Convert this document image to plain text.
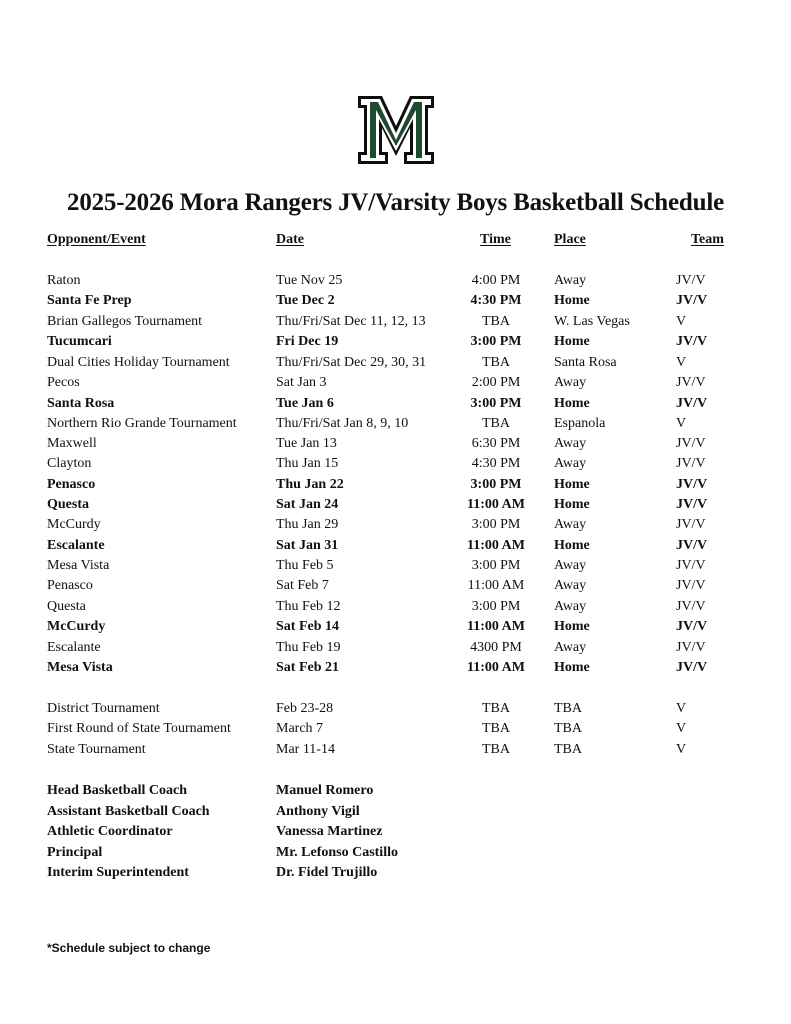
2025-2026 Mora Rangers JV/Varsity Boys Basketball Schedule
Opponent/Event	Date	Time	Place	Team
Raton	Tue Nov 25	4:00 PM	Away	JV/V
Santa Fe Prep	Tue Dec 2	4:30 PM	Home	JV/V
Brian Gallegos Tournament	Thu/Fri/Sat Dec 11, 12, 13	TBA	W. Las Vegas	V
Tucumcari	Fri Dec 19	3:00 PM	Home	JV/V
Dual Cities Holiday Tournament	Thu/Fri/Sat Dec 29, 30, 31	TBA	Santa Rosa	V
Pecos	Sat Jan 3	2:00 PM	Away	JV/V
Santa Rosa	Tue Jan 6	3:00 PM	Home	JV/V
Northern Rio Grande Tournament	Thu/Fri/Sat Jan 8, 9, 10	TBA	Espanola	V
Maxwell	Tue Jan 13	6:30 PM	Away	JV/V
Clayton	Thu Jan 15	4:30 PM	Away	JV/V
Penasco	Thu Jan 22	3:00 PM	Home	JV/V
Questa	Sat Jan 24	11:00 AM	Home	JV/V
McCurdy	Thu Jan 29	3:00 PM	Away	JV/V
Escalante	Sat Jan 31	11:00 AM	Home	JV/V
Mesa Vista	Thu Feb 5	3:00 PM	Away	JV/V
Penasco	Sat Feb 7	11:00 AM	Away	JV/V
Questa	Thu Feb 12	3:00 PM	Away	JV/V
McCurdy	Sat Feb 14	11:00 AM	Home	JV/V
Escalante	Thu Feb 19	4300 PM	Away	JV/V
Mesa Vista	Sat Feb 21	11:00 AM	Home	JV/V
District Tournament	Feb 23-28	TBA	TBA	V
First Round of State Tournament	March 7	TBA	TBA	V
State Tournament	Mar 11-14	TBA	TBA	V
Head Basketball Coach	Manuel Romero
Assistant Basketball Coach	Anthony Vigil
Athletic Coordinator	Vanessa Martinez
Principal	Mr. Lefonso Castillo
Interim Superintendent	Dr. Fidel Trujillo
*Schedule subject to change
